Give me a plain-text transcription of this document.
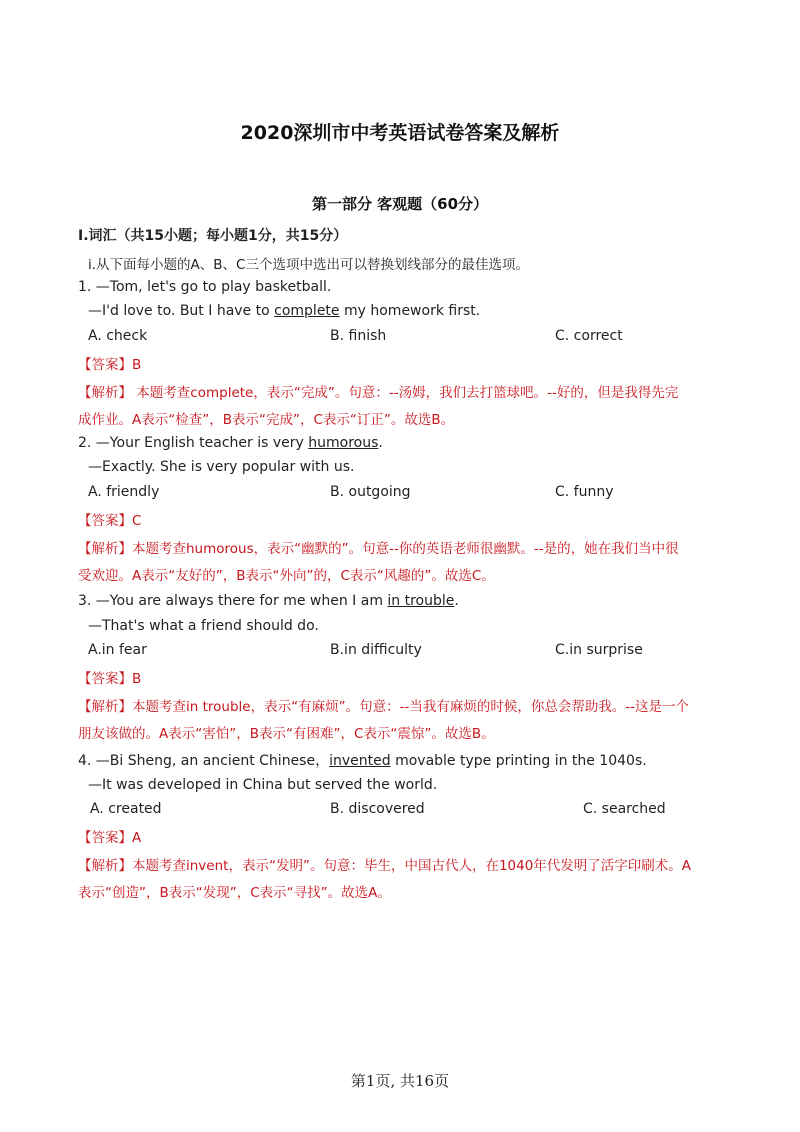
2020深圳市中考英语试卷答案及解析
第一部分 客观题（60分）
I.词汇（共15小题；每小题1分，共15分）
i.从下面每小题的A、B、C三个选项中选出可以替换划线部分的最佳选项。
1. —Tom, let's go to play basketball.
—I'd love to. But I have to complete my homework first.
A. check	B. finish	C. correct
【答案】B
【解析】 本题考查complete，表示“完成”。句意：--汤姆，我们去打篮球吧。--好的，但是我得先完
成作业。A表示“检查”，B表示“完成”，C表示“订正”。故选B。
2. —Your English teacher is very humorous.
—Exactly. She is very popular with us.
A. friendly	B. outgoing	C. funny
【答案】C
【解析】本题考查humorous，表示“幽默的”。句意--你的英语老师很幽默。--是的，她在我们当中很
受欢迎。A表示“友好的”，B表示“外向”的，C表示“风趣的”。故选C。
3. —You are always there for me when I am in trouble.
—That's what a friend should do.
A.in fear	B.in difficulty	C.in surprise
【答案】B
【解析】本题考查in trouble，表示“有麻烦”。句意：--当我有麻烦的时候，你总会帮助我。--这是一个
朋友该做的。A表示“害怕”，B表示“有困难”，C表示“震惊”。故选B。
4. —Bi Sheng, an ancient Chinese，invented movable type printing in the 1040s.
—It was developed in China but served the world.
A. created	B. discovered	C. searched
【答案】A
【解析】本题考查invent，表示“发明”。句意：毕生，中国古代人，在1040年代发明了活字印刷术。A
表示“创造”，B表示“发现”，C表示“寻找”。故选A。
第1页, 共16页
